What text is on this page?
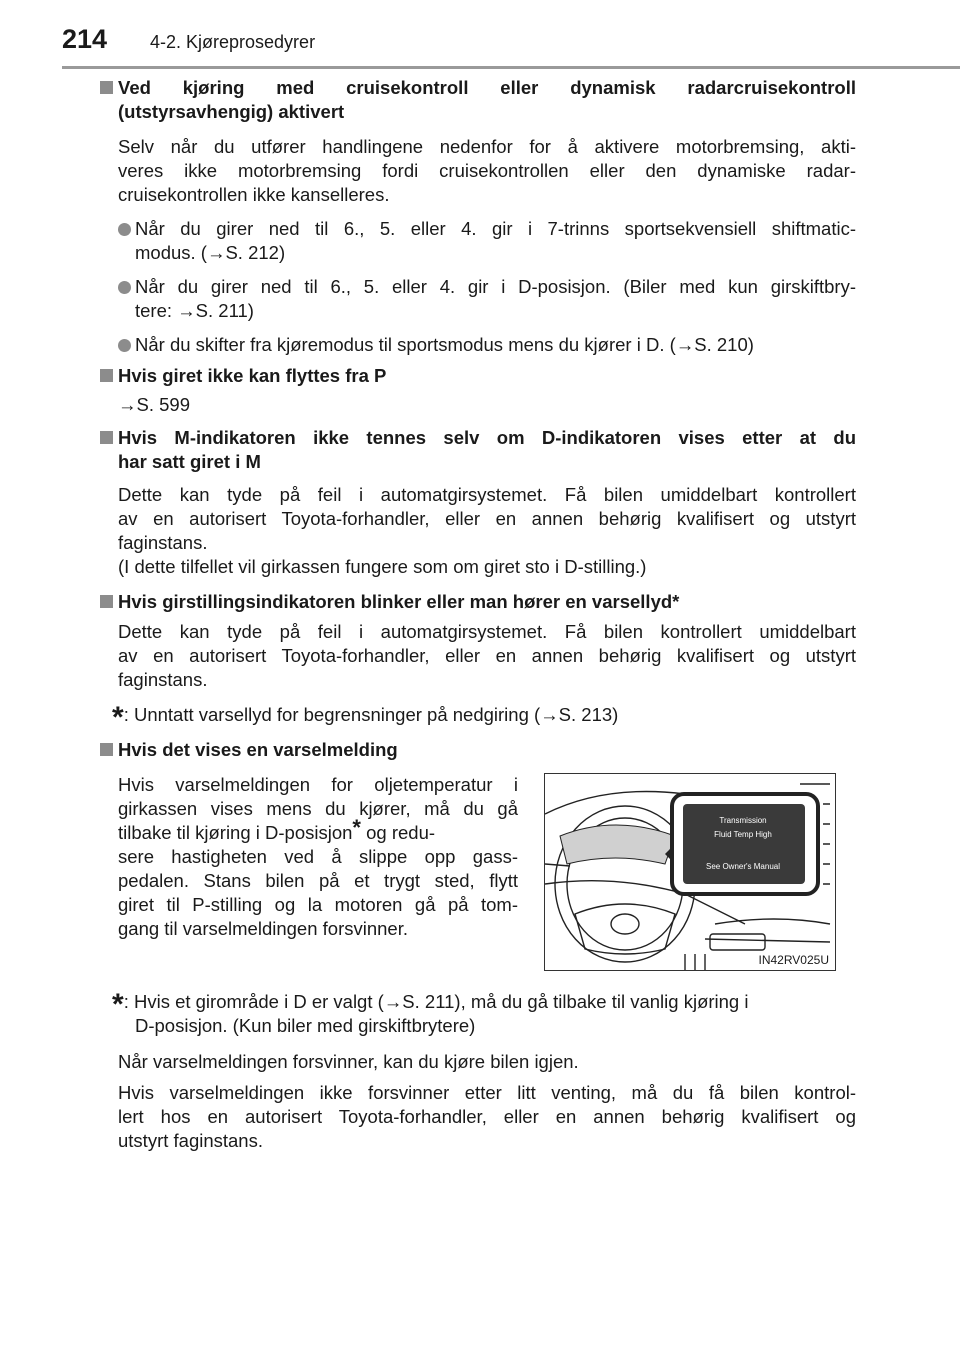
214 4-2. Kjøreprosedyrer
Ved kjøring med cruisekontroll eller dynamisk radarcruisekontroll
(utstyrsavhengig) aktivert
Selv når du utfører handlingene nedenfor for å aktivere motorbremsing, akti-
veres ikke motorbremsing fordi cruisekontrollen eller den dynamiske radar-
cruisekontrollen ikke kanselleres.
Når du girer ned til 6., 5. eller 4. gir i 7-trinns sportsekvensiell shiftmatic-
modus. (→S. 212)
Når du girer ned til 6., 5. eller 4. gir i D-posisjon. (Biler med kun girskiftbry-
tere: →S. 211)
Når du skifter fra kjøremodus til sportsmodus mens du kjører i D. (→S. 210)
Hvis giret ikke kan flyttes fra P
→S. 599
Hvis M-indikatoren ikke tennes selv om D-indikatoren vises etter at du
har satt giret i M
Dette kan tyde på feil i automatgirsystemet. Få bilen umiddelbart kontrollert
av en autorisert Toyota-forhandler, eller en annen behørig kvalifisert og utstyrt
faginstans.
(I dette tilfellet vil girkassen fungere som om giret sto i D-stilling.)
Hvis girstillingsindikatoren blinker eller man hører en varsellyd*
Dette kan tyde på feil i automatgirsystemet. Få bilen kontrollert umiddelbart
av en autorisert Toyota-forhandler, eller en annen behørig kvalifisert og utstyrt
faginstans.
*: Unntatt varsellyd for begrensninger på nedgiring (→S. 213)
Hvis det vises en varselmelding
Hvis varselmeldingen for oljetemperatur i
girkassen vises mens du kjører, må du gå
tilbake til kjøring i D-posisjon* og redu-
sere hastigheten ved å slippe opp gass-
pedalen. Stans bilen på et trygt sted, flytt
giret til P-stilling og la motoren gå på tom-
gang til varselmeldingen forsvinner.
Transmission
Fluid Temp High
See Owner's Manual
IN42RV025U
*: Hvis et girområde i D er valgt (→S. 211), må du gå tilbake til vanlig kjøring i
D-posisjon. (Kun biler med girskiftbrytere)
Når varselmeldingen forsvinner, kan du kjøre bilen igjen.
Hvis varselmeldingen ikke forsvinner etter litt venting, må du få bilen kontrol-
lert hos en autorisert Toyota-forhandler, eller en annen behørig kvalifisert og
utstyrt faginstans.
